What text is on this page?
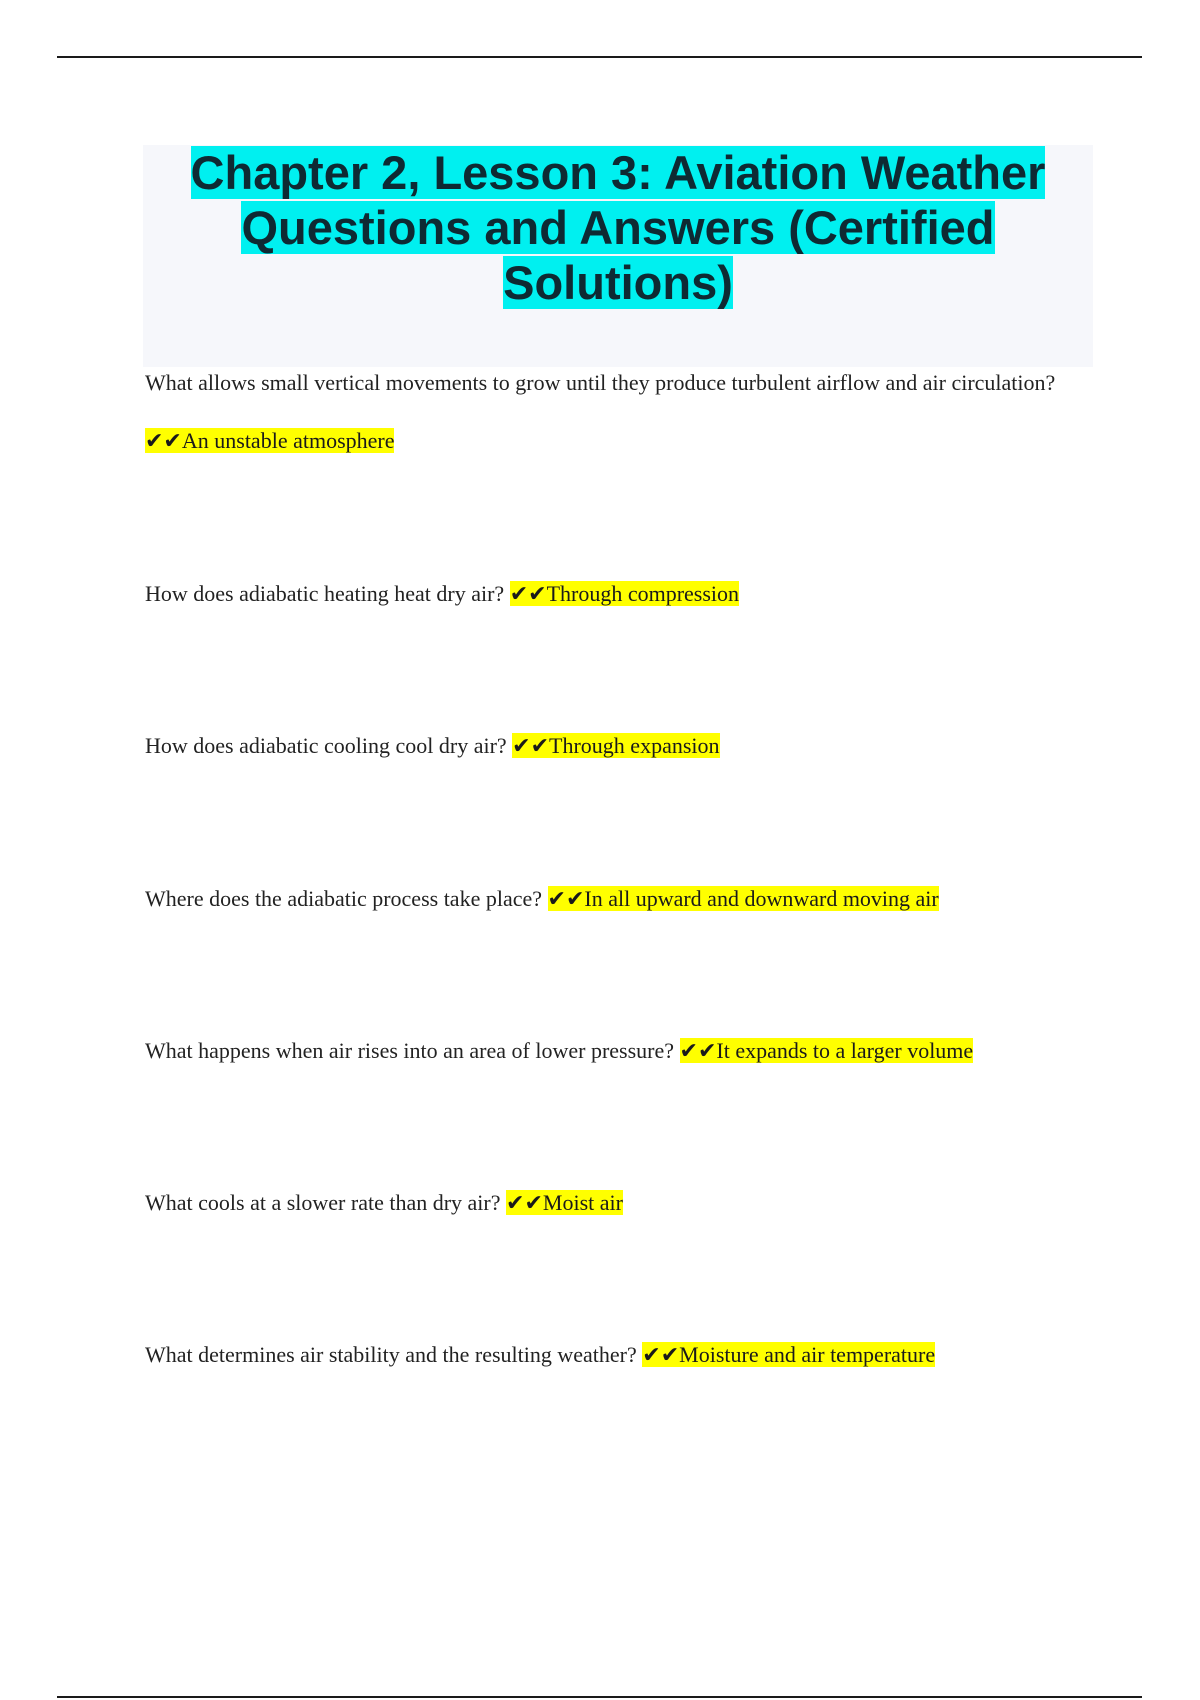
Chapter 2, Lesson 3: Aviation Weather Questions and Answers (Certified Solutions)

What allows small vertical movements to grow until they produce turbulent airflow and air circulation? ✔✔An unstable atmosphere

How does adiabatic heating heat dry air? ✔✔Through compression

How does adiabatic cooling cool dry air? ✔✔Through expansion

Where does the adiabatic process take place? ✔✔In all upward and downward moving air

What happens when air rises into an area of lower pressure? ✔✔It expands to a larger volume

What cools at a slower rate than dry air? ✔✔Moist air

What determines air stability and the resulting weather? ✔✔Moisture and air temperature
